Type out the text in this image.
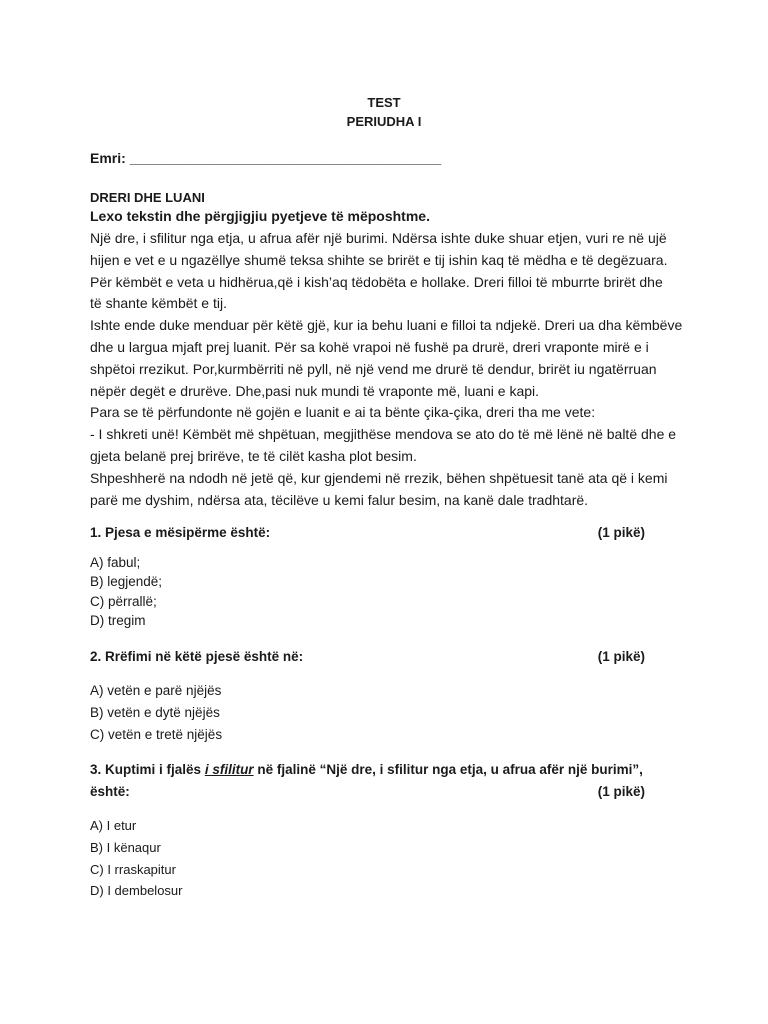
TEST
PERIUDHA I
Emri: ________________________________________
DRERI DHE LUANI
Lexo tekstin dhe përgjigjiu pyetjeve të mëposhtme.
Një dre, i sfilitur nga etja, u afrua afër një burimi. Ndërsa ishte duke shuar etjen, vuri re në ujë
hijen e vet e u ngazëllye shumë teksa shihte se brirët e tij ishin kaq të mëdha e të degëzuara.
Për këmbët e veta u hidhërua,që i kish’aq tëdobëta e hollake. Dreri filloi të mburrte brirët dhe
të shante këmbët e tij.
Ishte ende duke menduar për këtë gjë, kur ia behu luani e filloi ta ndjekë. Dreri ua dha këmbëve
dhe u largua mjaft prej luanit. Për sa kohë vrapoi në fushë pa drurë, dreri vraponte mirë e i
shpëtoi rrezikut. Por,kurmbërriti në pyll, në një vend me drurë të dendur, brirët iu ngatërruan
nëpër degët e drurëve. Dhe,pasi nuk mundi të vraponte më, luani e kapi.
Para se të përfundonte në gojën e luanit e ai ta bënte çika-çika, dreri tha me vete:
- I shkreti unë! Këmbët më shpëtuan, megjithëse mendova se ato do të më lënë në baltë dhe e
gjeta belanë prej brirëve, te të cilët kasha plot besim.
Shpeshherë na ndodh në jetë që, kur gjendemi në rrezik, bëhen shpëtuesit tanë ata që i kemi
parë me dyshim, ndërsa ata, tëcilëve u kemi falur besim, na kanë dale tradhtarë.
1. Pjesa e mësipërme është:	(1 pikë)
A) fabul;
B) legjendë;
C) përrallë;
D) tregim
2. Rrëfimi në këtë pjesë është në:	(1 pikë)
A) vetën e parë njëjës
B) vetën e dytë njëjës
C) vetën e tretë njëjës
3. Kuptimi i fjalës i sfilitur në fjalinë “Një dre, i sfilitur nga etja, u afrua afër një burimi”,
është:	(1 pikë)
A) I etur
B) I kënaqur
C) I rraskapitur
D) I dembelosur
